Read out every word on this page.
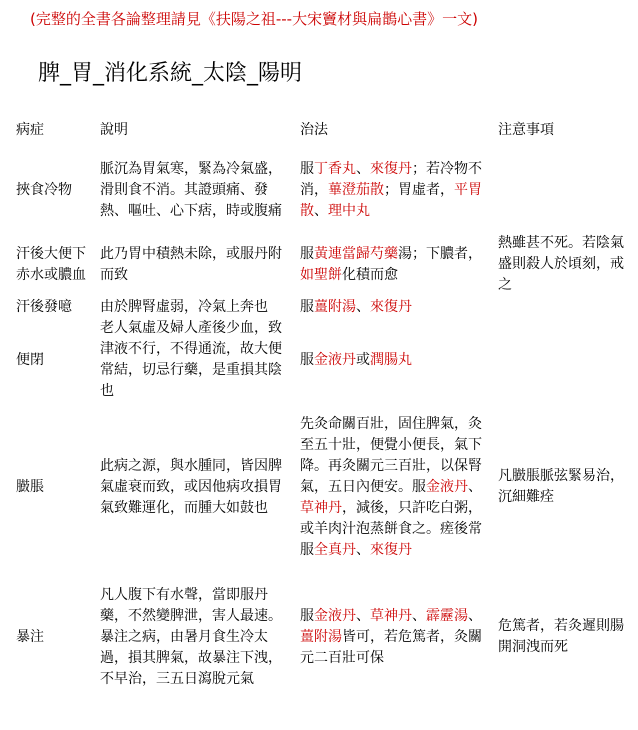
(完整的全書各論整理請見《扶陽之祖---大宋竇材與扁鵲心書》一文)
脾_胃_消化系統_太陰_陽明
病症	說明	治法	注意事項
挾食冷物	脈沉為胃氣寒，緊為冷氣盛，滑則食不消。其證頭痛、發熱、嘔吐、心下痞，時或腹痛	服丁香丸、來復丹；若冷物不消，蓽澄茄散；胃虛者，平胃散、理中丸	
汗後大便下赤水或膿血	此乃胃中積熱未除，或服丹附而致	服黃連當歸芍藥湯；下膿者，如聖餅化積而愈	熱雖甚不死。若陰氣盛則殺人於頃刻，戒之
汗後發噫	由於脾腎虛弱，冷氣上奔也	服薑附湯、來復丹	
便閉	老人氣虛及婦人產後少血，致津液不行，不得通流，故大便常結，切忌行藥，是重損其陰也	服金液丹或潤腸丸	
臌脹	此病之源，與水腫同，皆因脾氣虛衰而致，或因他病攻損胃氣致難運化，而腫大如鼓也	先灸命關百壯，固住脾氣，灸至五十壯，便覺小便長，氣下降。再灸關元三百壯，以保腎氣，五日內便安。服金液丹、草神丹，減後，只許吃白粥，或羊肉汁泡蒸餅食之。瘥後常服全真丹、來復丹	凡臌脹脈弦緊易治，沉細難痊
暴注	凡人腹下有水聲，當即服丹藥，不然變脾泄，害人最速。暴注之病，由暑月食生冷太過，損其脾氣，故暴注下洩，不早治，三五日瀉脫元氣	服金液丹、草神丹、霹靂湯、薑附湯皆可，若危篤者，灸關元二百壯可保	危篤者，若灸遲則腸開洞洩而死
